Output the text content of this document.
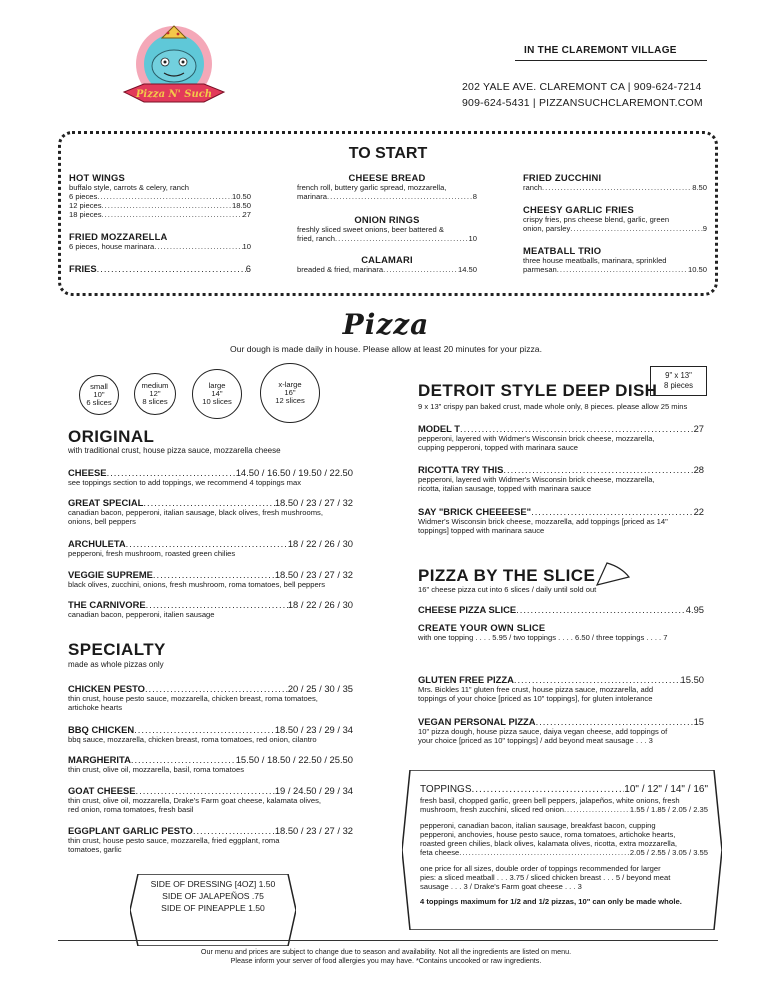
Pizza N' Such
IN THE CLAREMONT VILLAGE
202 YALE AVE. CLAREMONT CA | 909-624-7214
909-624-5431 | PIZZANSUCHCLAREMONT.COM
TO START
HOT WINGS
buffalo style, carrots & celery, ranch
6 pieces .....	10.50
12 pieces .....	18.50
18 pieces .....	27
FRIED MOZZARELLA
6 pieces, house marinara .....	10
FRIES .....	6
CHEESE BREAD
french roll, buttery garlic spread, mozzarella,
marinara .....	8
ONION RINGS
freshly sliced sweet onions, beer battered &
fried, ranch .....	10
CALAMARI
breaded & fried, marinara .....	14.50
FRIED ZUCCHINI
ranch .....	8.50
CHEESY GARLIC FRIES
crispy fries, pns cheese blend, garlic, green
onion, parsley .....	9
MEATBALL TRIO
three house meatballs, marinara, sprinkled
parmesan .....	10.50
Pizza
Our dough is made daily in house. Please allow at least 20 minutes for your pizza.
small
10"
6 slices
medium
12"
8 slices
large
14"
10 slices
x-large
16"
12 slices
ORIGINAL
with traditional crust, house pizza sauce, mozzarella cheese
CHEESE .....	14.50 / 16.50 / 19.50 / 22.50
see toppings section to add toppings, we recommend 4 toppings max
GREAT SPECIAL .....	18.50 / 23 / 27 / 32
canadian bacon, pepperoni, italian sausage, black olives, fresh mushrooms,
onions, bell peppers
ARCHULETA .....	18 / 22 / 26 / 30
pepperoni, fresh mushroom, roasted green chilies
VEGGIE SUPREME .....	18.50 / 23 / 27 / 32
black olives, zucchini, onions, fresh mushroom, roma tomatoes, bell peppers
THE CARNIVORE .....	18 / 22 / 26 / 30
canadian bacon, pepperoni, italien sausage
SPECIALTY
made as whole pizzas only
CHICKEN PESTO .....	20 / 25 / 30 / 35
thin crust, house pesto sauce, mozzarella, chicken breast, roma tomatoes,
artichoke hearts
BBQ CHICKEN .....	18.50 / 23 / 29 / 34
bbq sauce, mozzarella, chicken breast, roma tomatoes, red onion, cilantro
MARGHERITA .....	15.50 / 18.50 / 22.50 / 25.50
thin crust, olive oil, mozzarella, basil, roma tomatoes
GOAT CHEESE .....	19 / 24.50 / 29 / 34
thin crust, olive oil, mozzarella, Drake's Farm goat cheese, kalamata olives,
red onion, roma tomatoes, fresh basil
EGGPLANT GARLIC PESTO .....	18.50 / 23 / 27 / 32
thin crust, house pesto sauce, mozzarella, fried eggplant, roma
tomatoes, garlic
SIDE OF DRESSING [4OZ] 1.50
SIDE OF JALAPEÑOS .75
SIDE OF PINEAPPLE 1.50
DETROIT STYLE DEEP DISH
9" x 13"
8 pieces
9 x 13" crispy pan baked crust, made whole only, 8 pieces. please allow 25 mins
MODEL T .....	27
pepperoni, layered with Widmer's Wisconsin brick cheese, mozzarella,
cupping pepperoni, topped with marinara sauce
RICOTTA TRY THIS .....	28
pepperoni, layered with Widmer's Wisconsin brick cheese, mozzarella,
ricotta, italian sausage, topped with marinara sauce
SAY "BRICK CHEEEESE" .....	22
Widmer's Wisconsin brick cheese, mozzarella, add toppings [priced as 14"
toppings] topped with marinara sauce
PIZZA BY THE SLICE
16" cheese pizza cut into 6 slices / daily until sold out
CHEESE PIZZA SLICE .....	4.95
CREATE YOUR OWN SLICE
with one topping . . . . 5.95 / two toppings . . . . 6.50 / three toppings . . . . 7
GLUTEN FREE PIZZA .....	15.50
Mrs. Bickles 11" gluten free crust, house pizza sauce, mozzarella, add
toppings of your choice [priced as 10" toppings], for gluten intolerance
VEGAN PERSONAL PIZZA .....	15
10" pizza dough, house pizza sauce, daiya vegan cheese, add toppings of
your choice [priced as 10" toppings] / add beyond meat sausage . . . 3
TOPPINGS .....	10" / 12" / 14" / 16"
fresh basil, chopped garlic, green bell peppers, jalapeños, white onions, fresh
mushroom, fresh zucchini, sliced red onion .....	1.55 / 1.85 / 2.05 / 2.35
pepperoni, canadian bacon, italian sausage, breakfast bacon, cupping
pepperoni, anchovies, house pesto sauce, roma tomatoes, artichoke hearts,
roasted green chilies, black olives, kalamata olives, ricotta, extra mozzarella,
feta cheese .....	2.05 / 2.55 / 3.05 / 3.55
one price for all sizes, double order of toppings recommended for larger
pies: a sliced meatball . . . 3.75 / sliced chicken breast . . . 5 / beyond meat
sausage . . . 3 / Drake's Farm goat cheese . . . 3
4 toppings maximum for 1/2 and 1/2 pizzas, 10" can only be made whole.
Our menu and prices are subject to change due to season and availability. Not all the ingredients are listed on menu.
Please inform your server of food allergies you may have. *Contains uncooked or raw ingredients.
